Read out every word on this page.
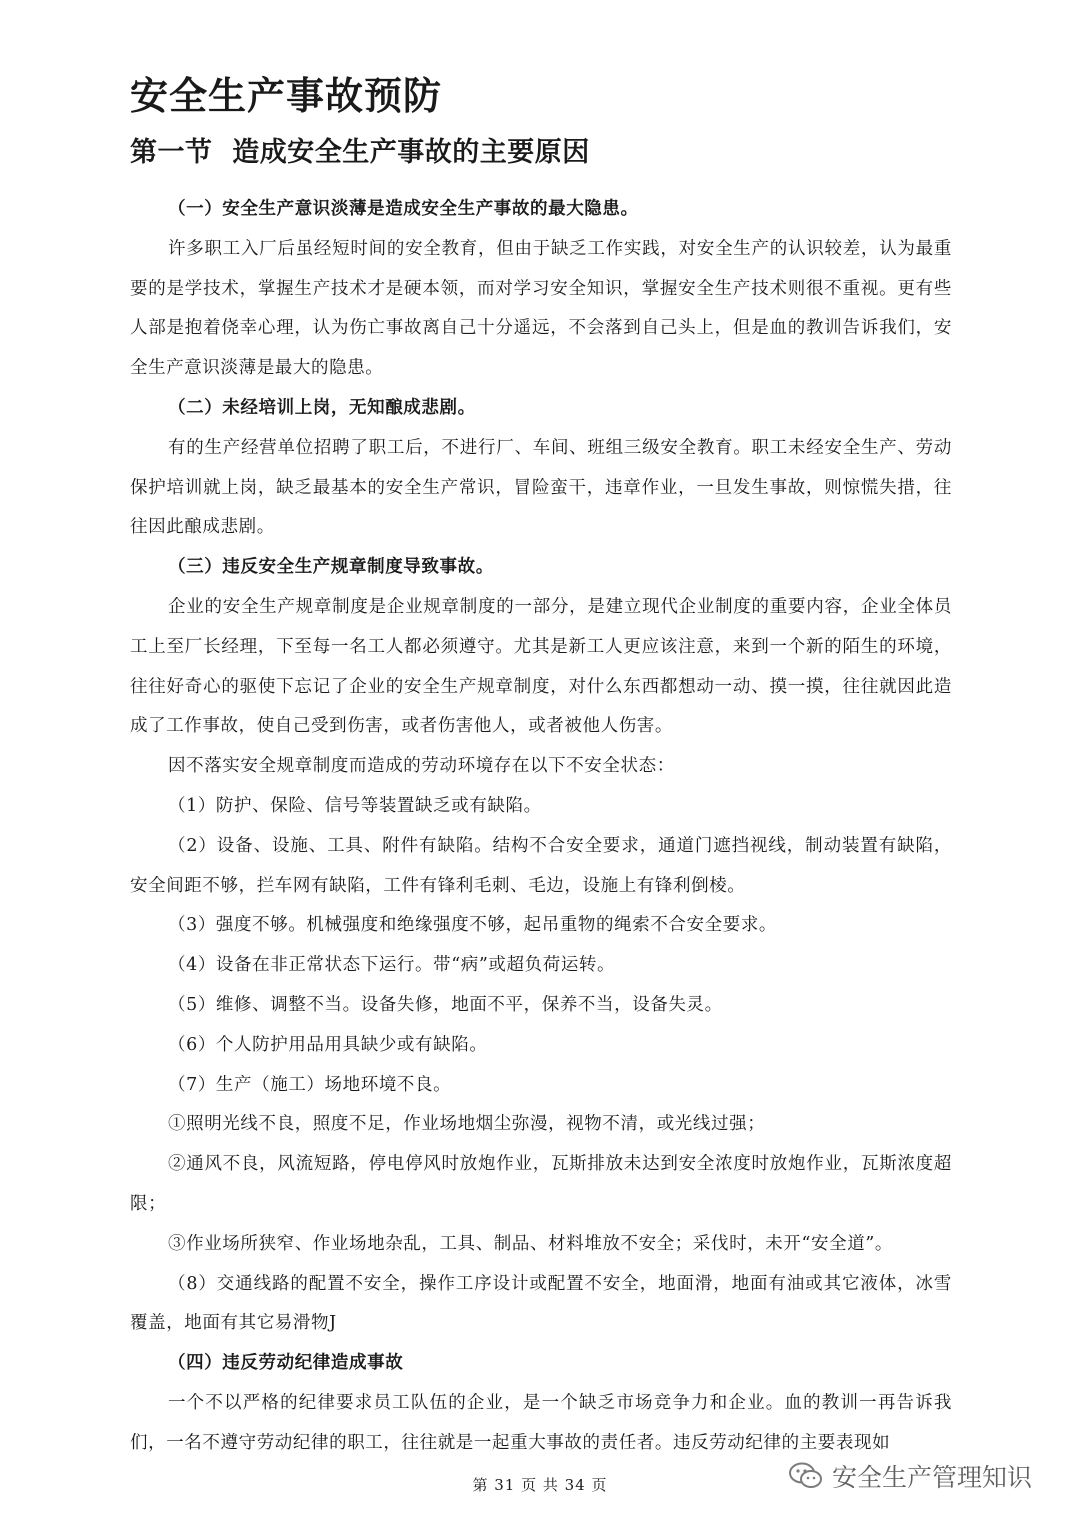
安全生产事故预防
第一节  造成安全生产事故的主要原因

（一）安全生产意识淡薄是造成安全生产事故的最大隐患。

许多职工入厂后虽经短时间的安全教育，但由于缺乏工作实践，对安全生产的认识较差，认为最重要的是学技术，掌握生产技术才是硬本领，而对学习安全知识，掌握安全生产技术则很不重视。更有些人部是抱着侥幸心理，认为伤亡事故离自己十分遥远，不会落到自己头上，但是血的教训告诉我们，安全生产意识淡薄是最大的隐患。

（二）未经培训上岗，无知酿成悲剧。

有的生产经营单位招聘了职工后，不进行厂、车间、班组三级安全教育。职工未经安全生产、劳动保护培训就上岗，缺乏最基本的安全生产常识，冒险蛮干，违章作业，一旦发生事故，则惊慌失措，往往因此酿成悲剧。

（三）违反安全生产规章制度导致事故。

企业的安全生产规章制度是企业规章制度的一部分，是建立现代企业制度的重要内容，企业全体员工上至厂长经理，下至每一名工人都必须遵守。尤其是新工人更应该注意，来到一个新的陌生的环境，往往好奇心的驱使下忘记了企业的安全生产规章制度，对什么东西都想动一动、摸一摸，往往就因此造成了工作事故，使自己受到伤害，或者伤害他人，或者被他人伤害。

因不落实安全规章制度而造成的劳动环境存在以下不安全状态：

（1）防护、保险、信号等装置缺乏或有缺陷。

（2）设备、设施、工具、附件有缺陷。结构不合安全要求，通道门遮挡视线，制动装置有缺陷，安全间距不够，拦车网有缺陷，工件有锋利毛刺、毛边，设施上有锋利倒棱。

（3）强度不够。机械强度和绝缘强度不够，起吊重物的绳索不合安全要求。

（4）设备在非正常状态下运行。带“病”或超负荷运转。

（5）维修、调整不当。设备失修，地面不平，保养不当，设备失灵。

（6）个人防护用品用具缺少或有缺陷。

（7）生产（施工）场地环境不良。

①照明光线不良，照度不足，作业场地烟尘弥漫，视物不清，或光线过强；

②通风不良，风流短路，停电停风时放炮作业，瓦斯排放未达到安全浓度时放炮作业，瓦斯浓度超限；

③作业场所狭窄、作业场地杂乱，工具、制品、材料堆放不安全；采伐时，未开“安全道”。

（8）交通线路的配置不安全，操作工序设计或配置不安全，地面滑，地面有油或其它液体，冰雪覆盖，地面有其它易滑物J

（四）违反劳动纪律造成事故

一个不以严格的纪律要求员工队伍的企业，是一个缺乏市场竞争力和企业。血的教训一再告诉我们，一名不遵守劳动纪律的职工，往往就是一起重大事故的责任者。违反劳动纪律的主要表现如

第 31 页 共 34 页	安全生产管理知识
